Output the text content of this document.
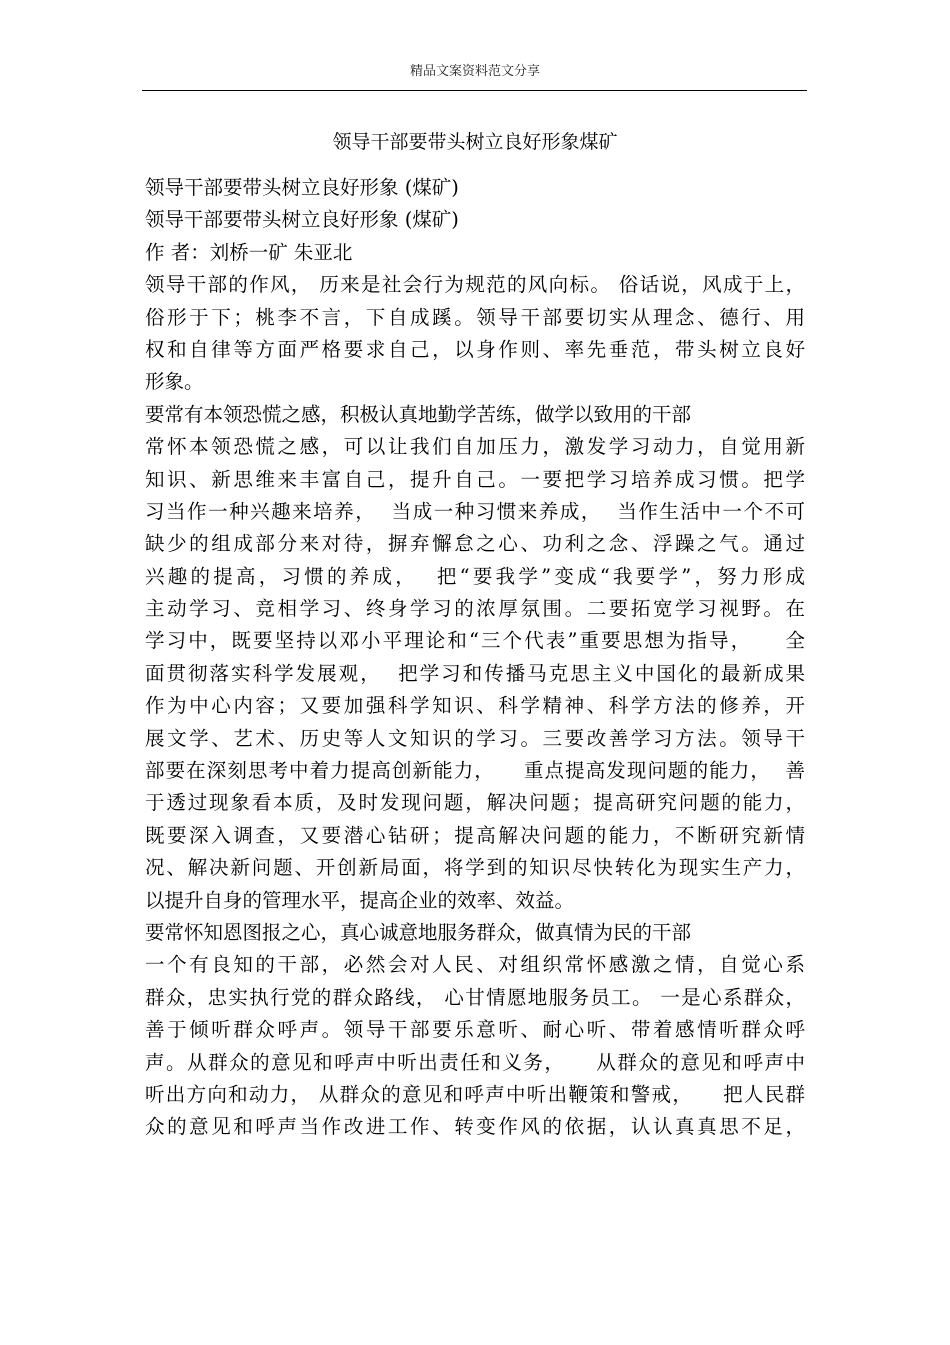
精品文案资料范文分享
领导干部要带头树立良好形象煤矿
领导干部要带头树立良好形象 (煤矿)
领导干部要带头树立良好形象 (煤矿)
作 者：刘桥一矿 朱亚北
领导干部的作风， 历来是社会行为规范的风向标。 俗话说，风成于上，
俗形于下；桃李不言，下自成蹊。领导干部要切实从理念、德行、用
权和自律等方面严格要求自己，以身作则、率先垂范，带头树立良好
形象。
要常有本领恐慌之感，积极认真地勤学苦练，做学以致用的干部
常怀本领恐慌之感，可以让我们自加压力，激发学习动力，自觉用新
知识、新思维来丰富自己，提升自己。一要把学习培养成习惯。把学
习当作一种兴趣来培养，  当成一种习惯来养成，  当作生活中一个不可
缺少的组成部分来对待，摒弃懈怠之心、功利之念、浮躁之气。通过
兴趣的提高，习惯的养成，  把“要我学”变成“我要学”，努力形成
主动学习、竞相学习、终身学习的浓厚氛围。二要拓宽学习视野。在
学习中，既要坚持以邓小平理论和“三个代表”重要思想为指导，    全
面贯彻落实科学发展观，  把学习和传播马克思主义中国化的最新成果
作为中心内容；又要加强科学知识、科学精神、科学方法的修养，开
展文学、艺术、历史等人文知识的学习。三要改善学习方法。领导干
部要在深刻思考中着力提高创新能力，    重点提高发现问题的能力，  善
于透过现象看本质，及时发现问题，解决问题；提高研究问题的能力，
既要深入调查，又要潜心钻研；提高解决问题的能力，不断研究新情
况、解决新问题、开创新局面，将学到的知识尽快转化为现实生产力，
以提升自身的管理水平，提高企业的效率、效益。
要常怀知恩图报之心，真心诚意地服务群众，做真情为民的干部
一个有良知的干部，必然会对人民、对组织常怀感激之情，自觉心系
群众，忠实执行党的群众路线， 心甘情愿地服务员工。 一是心系群众，
善于倾听群众呼声。领导干部要乐意听、耐心听、带着感情听群众呼
声。从群众的意见和呼声中听出责任和义务，    从群众的意见和呼声中
听出方向和动力， 从群众的意见和呼声中听出鞭策和警戒，    把人民群
众的意见和呼声当作改进工作、转变作风的依据，认认真真思不足，
